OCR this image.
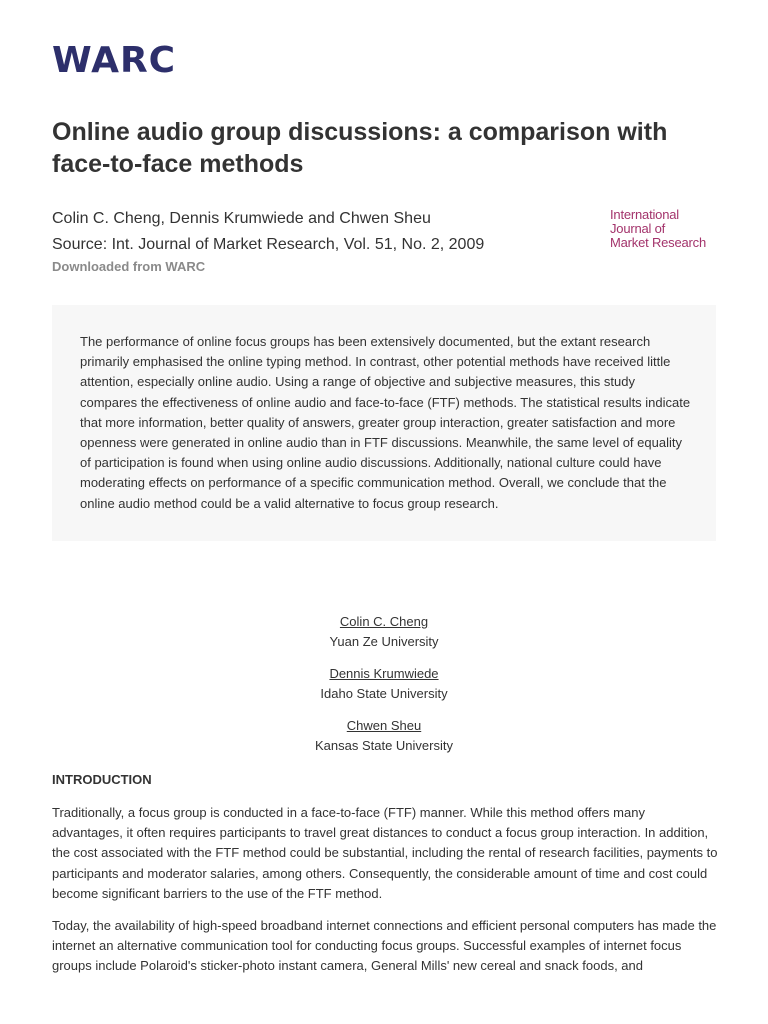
WARC
Online audio group discussions: a comparison with face-to-face methods
Colin C. Cheng, Dennis Krumwiede and Chwen Sheu
Source: Int. Journal of Market Research, Vol. 51, No. 2, 2009
Downloaded from WARC
International
Journal of
Market Research

The performance of online focus groups has been extensively documented, but the extant research primarily emphasised the online typing method. In contrast, other potential methods have received little attention, especially online audio. Using a range of objective and subjective measures, this study compares the effectiveness of online audio and face-to-face (FTF) methods. The statistical results indicate that more information, better quality of answers, greater group interaction, greater satisfaction and more openness were generated in online audio than in FTF discussions. Meanwhile, the same level of equality of participation is found when using online audio discussions. Additionally, national culture could have moderating effects on performance of a specific communication method. Overall, we conclude that the online audio method could be a valid alternative to focus group research.

Colin C. Cheng
Yuan Ze University
Dennis Krumwiede
Idaho State University
Chwen Sheu
Kansas State University
INTRODUCTION

Traditionally, a focus group is conducted in a face-to-face (FTF) manner. While this method offers many advantages, it often requires participants to travel great distances to conduct a focus group interaction. In addition, the cost associated with the FTF method could be substantial, including the rental of research facilities, payments to participants and moderator salaries, among others. Consequently, the considerable amount of time and cost could become significant barriers to the use of the FTF method.

Today, the availability of high-speed broadband internet connections and efficient personal computers has made the internet an alternative communication tool for conducting focus groups. Successful examples of internet focus groups include Polaroid's sticker-photo instant camera, General Mills' new cereal and snack foods, and
